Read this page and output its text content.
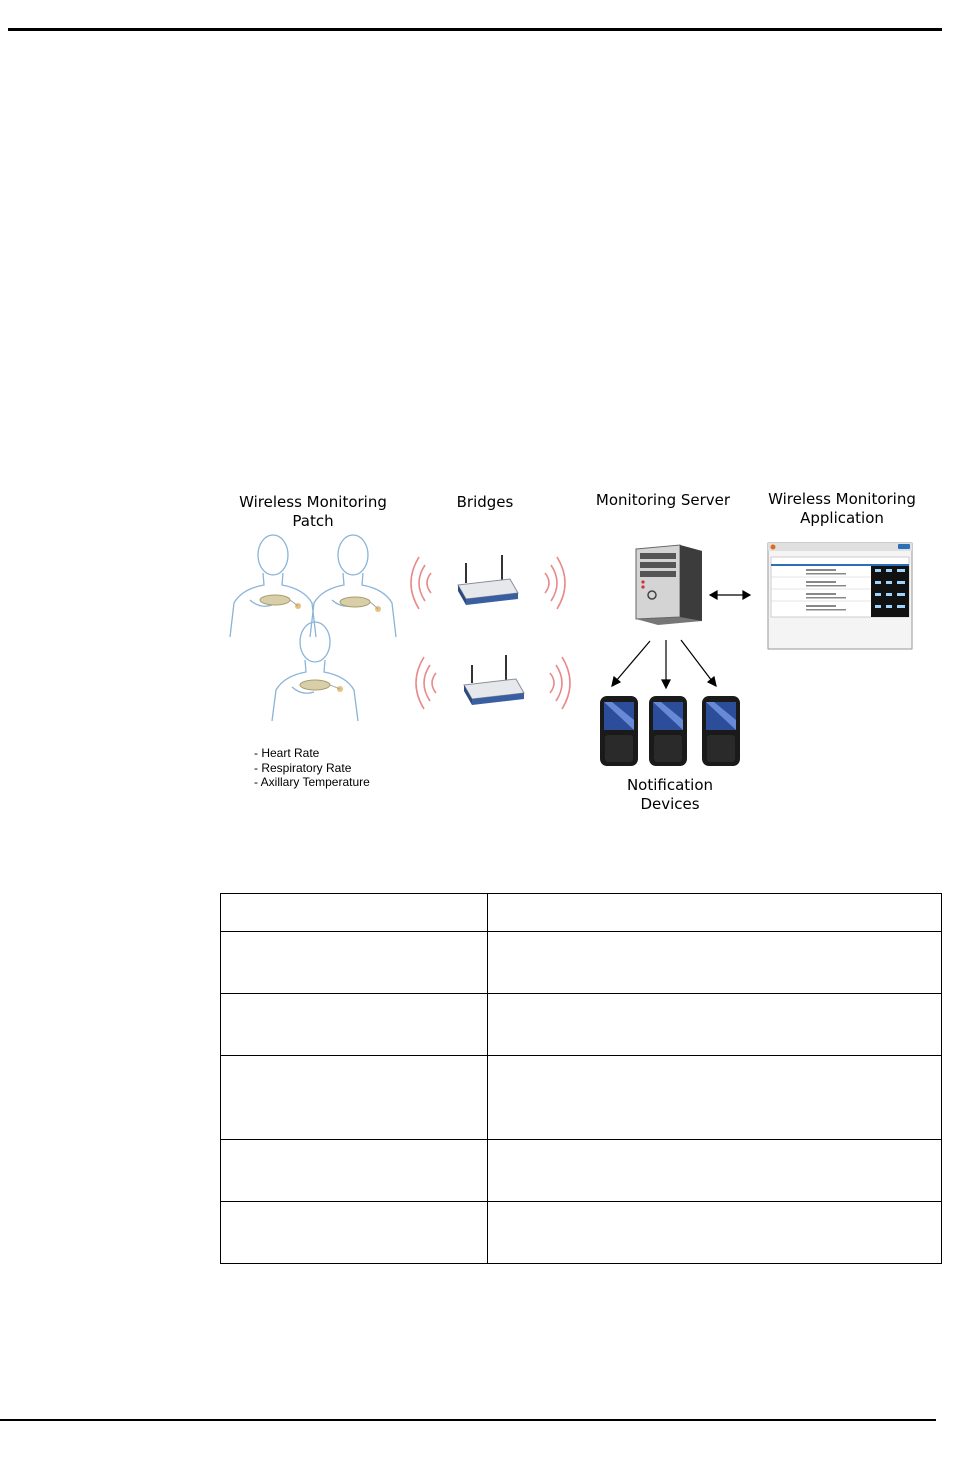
Wireless Monitoring
Patch
Bridges	Monitoring Server	Wireless Monitoring
Application
Notification
Devices
- Heart Rate
- Respiratory Rate
- Axillary Temperature
